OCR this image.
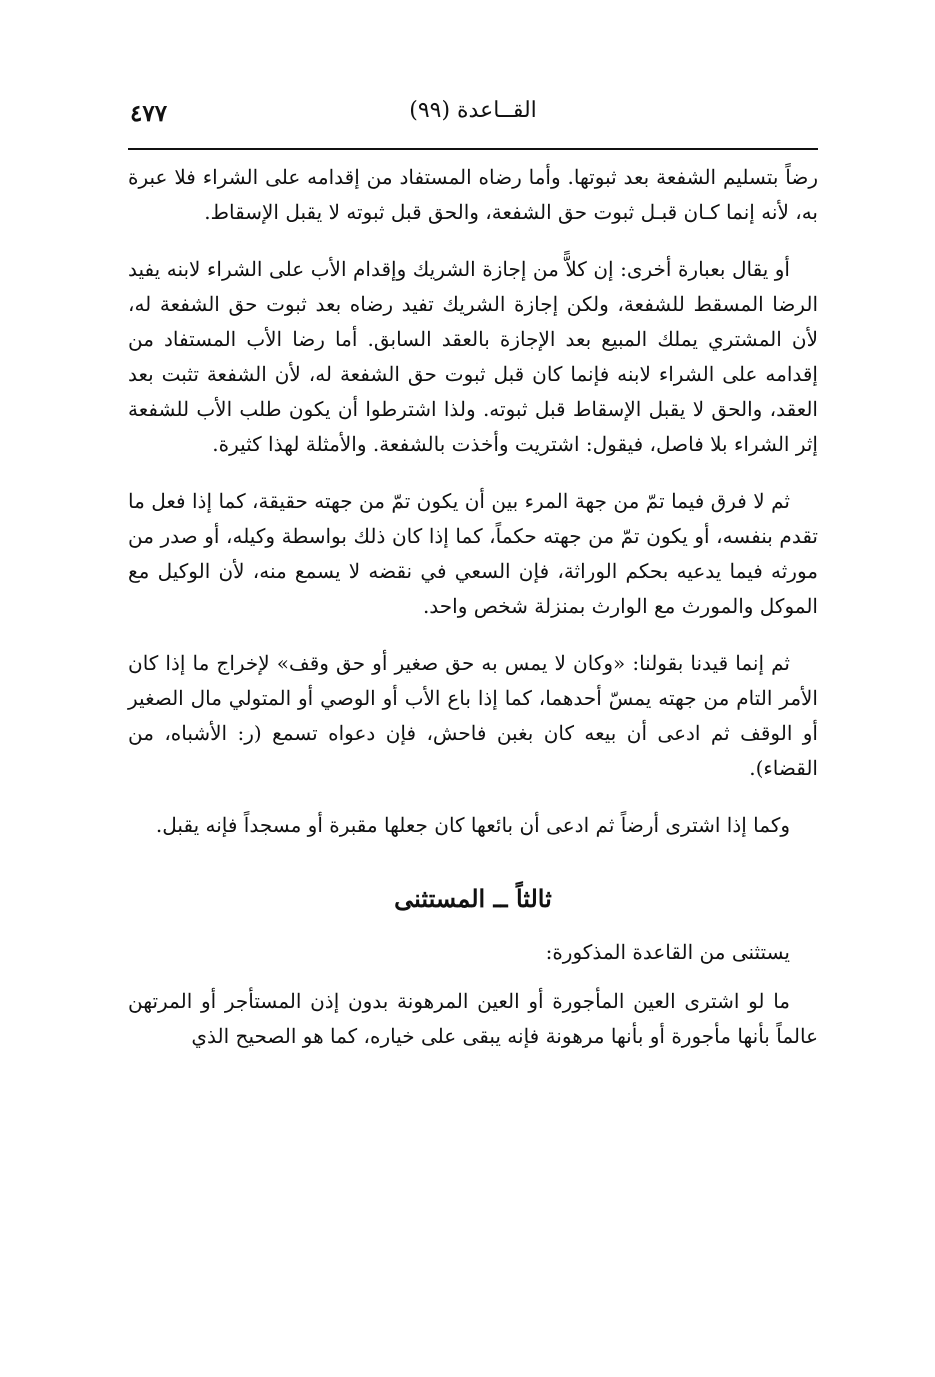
٤٧٧	القــاعدة (٩٩)

رضاً بتسليم الشفعة بعد ثبوتها. وأما رضاه المستفاد من إقدامه على الشراء فلا عبرة به، لأنه إنما كـان قبـل ثبوت حق الشفعة، والحق قبل ثبوته لا يقبل الإسقاط.

أو يقال بعبارة أخرى: إن كلاًّ من إجازة الشريك وإقدام الأب على الشراء لابنه يفيد الرضا المسقط للشفعة، ولكن إجازة الشريك تفيد رضاه بعد ثبوت حق الشفعة له، لأن المشتري يملك المبيع بعد الإجازة بالعقد السابق. أما رضا الأب المستفاد من إقدامه على الشراء لابنه فإنما كان قبل ثبوت حق الشفعة له، لأن الشفعة تثبت بعد العقد، والحق لا يقبل الإسقاط قبل ثبوته. ولذا اشترطوا أن يكون طلب الأب للشفعة إثر الشراء بلا فاصل، فيقول: اشتريت وأخذت بالشفعة. والأمثلة لهذا كثيرة.

ثم لا فرق فيما تمّ من جهة المرء بين أن يكون تمّ من جهته حقيقة، كما إذا فعل ما تقدم بنفسه، أو يكون تمّ من جهته حكماً، كما إذا كان ذلك بواسطة وكيله، أو صدر من مورثه فيما يدعيه بحكم الوراثة، فإن السعي في نقضه لا يسمع منه، لأن الوكيل مع الموكل والمورث مع الوارث بمنزلة شخص واحد.

ثم إنما قيدنا بقولنا: «وكان لا يمس به حق صغير أو حق وقف» لإخراج ما إذا كان الأمر التام من جهته يمسّ أحدهما، كما إذا باع الأب أو الوصي أو المتولي مال الصغير أو الوقف ثم ادعى أن بيعه كان بغبن فاحش، فإن دعواه تسمع (ر: الأشباه، من القضاء).

وكما إذا اشترى أرضاً ثم ادعى أن بائعها كان جعلها مقبرة أو مسجداً فإنه يقبل.

ثالثاً ــ المستثنى

يستثنى من القاعدة المذكورة:

ما لو اشترى العين المأجورة أو العين المرهونة بدون إذن المستأجر أو المرتهن عالماً بأنها مأجورة أو بأنها مرهونة فإنه يبقى على خياره، كما هو الصحيح الذي
